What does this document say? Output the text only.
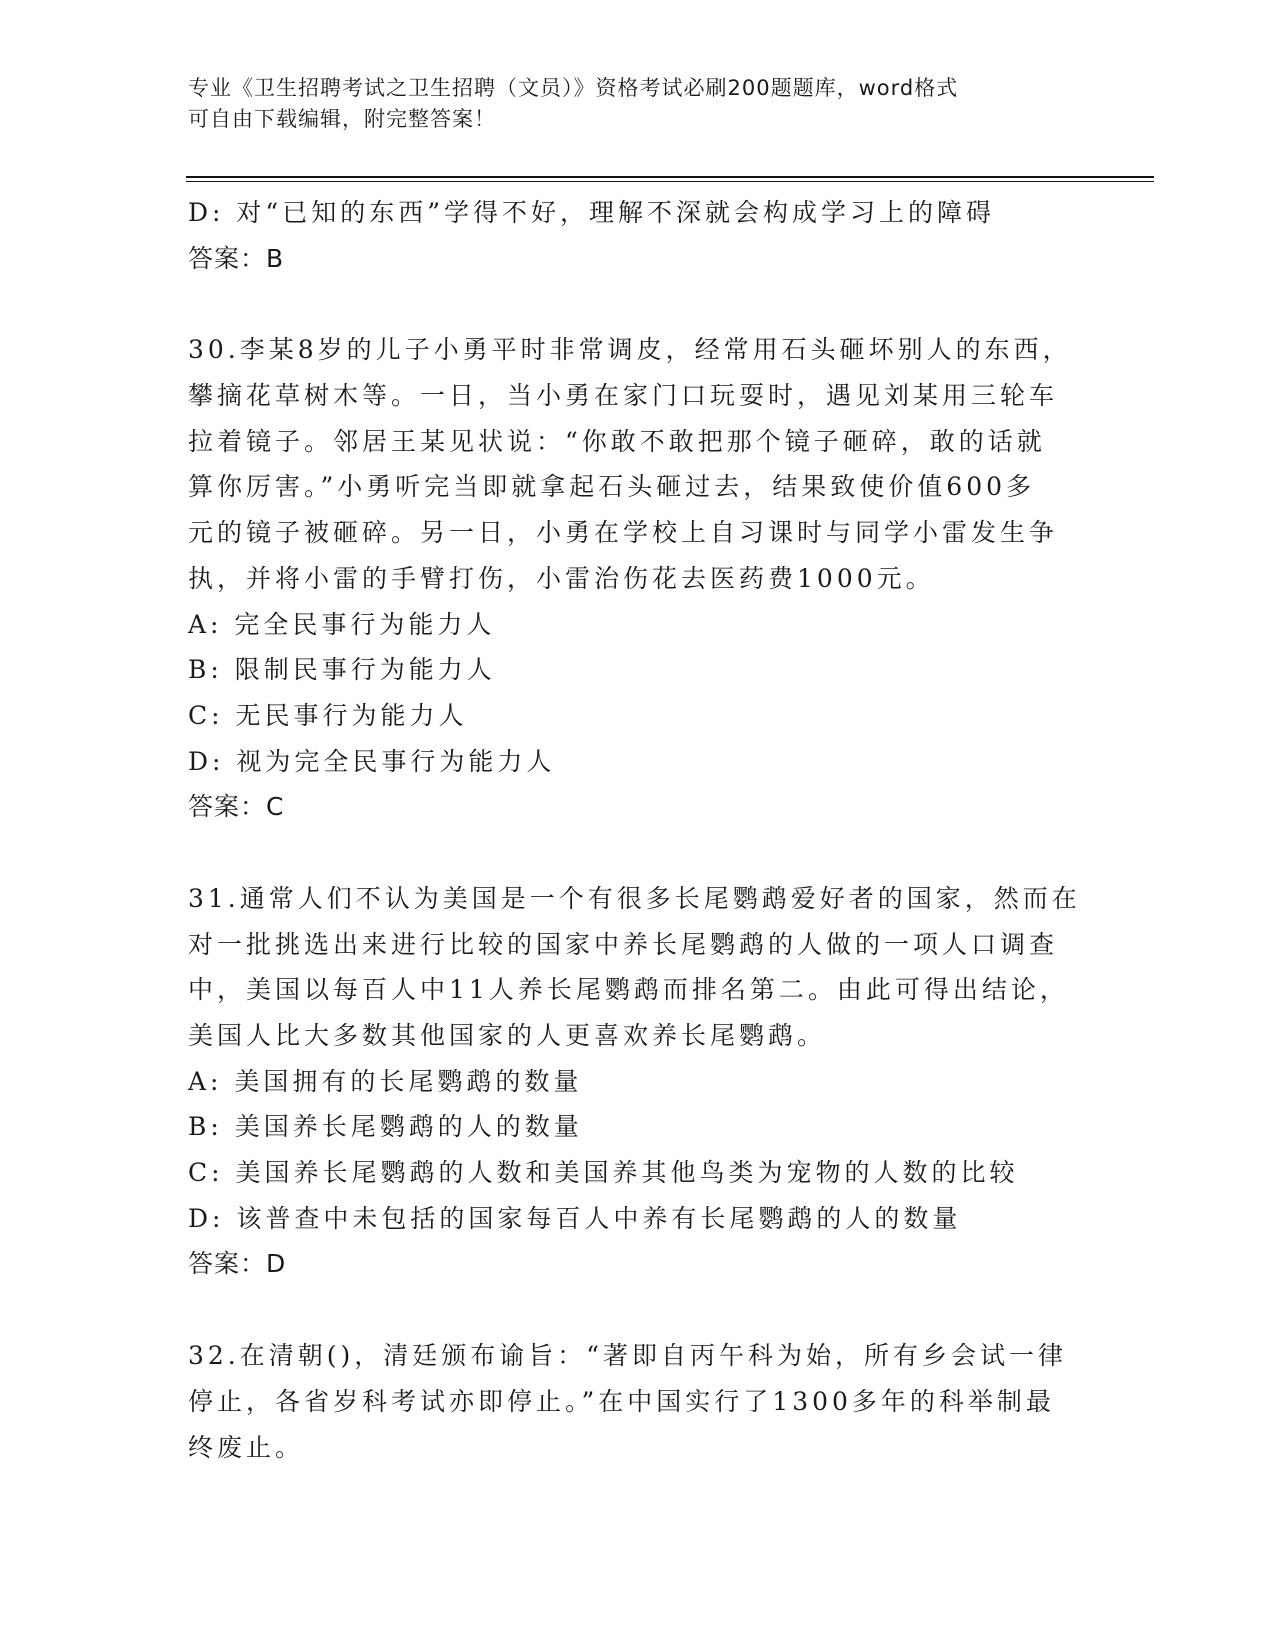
专业《卫生招聘考试之卫生招聘（文员）》资格考试必刷200题题库，word格式
可自由下载编辑，附完整答案！
D: 对“已知的东西”学得不好，理解不深就会构成学习上的障碍
答案：B
30.李某8岁的儿子小勇平时非常调皮，经常用石头砸坏别人的东西，
攀摘花草树木等。一日，当小勇在家门口玩耍时，遇见刘某用三轮车
拉着镜子。邻居王某见状说：“你敢不敢把那个镜子砸碎，敢的话就
算你厉害。”小勇听完当即就拿起石头砸过去，结果致使价值600多
元的镜子被砸碎。另一日，小勇在学校上自习课时与同学小雷发生争
执，并将小雷的手臂打伤，小雷治伤花去医药费1000元。
A: 完全民事行为能力人
B: 限制民事行为能力人
C: 无民事行为能力人
D: 视为完全民事行为能力人
答案：C
31.通常人们不认为美国是一个有很多长尾鹦鹉爱好者的国家，然而在
对一批挑选出来进行比较的国家中养长尾鹦鹉的人做的一项人口调查
中，美国以每百人中11人养长尾鹦鹉而排名第二。由此可得出结论，
美国人比大多数其他国家的人更喜欢养长尾鹦鹉。
A: 美国拥有的长尾鹦鹉的数量
B: 美国养长尾鹦鹉的人的数量
C: 美国养长尾鹦鹉的人数和美国养其他鸟类为宠物的人数的比较
D: 该普查中未包括的国家每百人中养有长尾鹦鹉的人的数量
答案：D
32.在清朝()，清廷颁布谕旨：“著即自丙午科为始，所有乡会试一律
停止，各省岁科考试亦即停止。”在中国实行了1300多年的科举制最
终废止。
